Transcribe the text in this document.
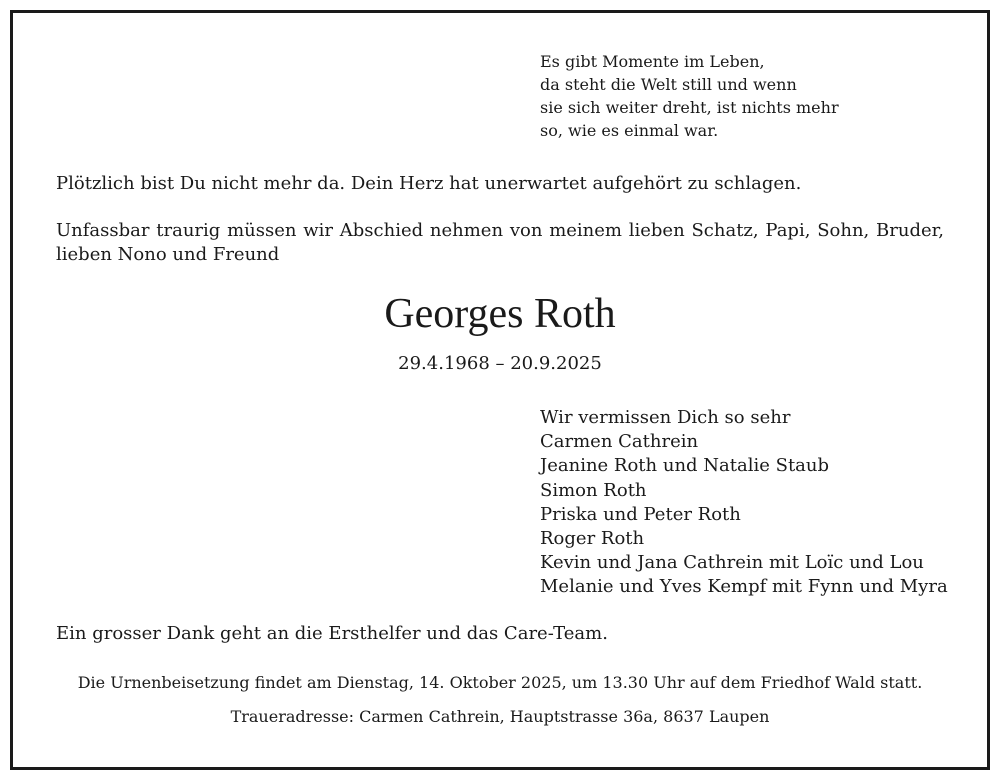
Es gibt Momente im Leben,
da steht die Welt still und wenn
sie sich weiter dreht, ist nichts mehr
so, wie es einmal war.
Plötzlich bist Du nicht mehr da. Dein Herz hat unerwartet aufgehört zu schlagen.
Unfassbar traurig müssen wir Abschied nehmen von meinem lieben Schatz, Papi, Sohn, Bruder, lieben Nono und Freund
Georges Roth
29.4.1968 – 20.9.2025
Wir vermissen Dich so sehr
Carmen Cathrein
Jeanine Roth und Natalie Staub
Simon Roth
Priska und Peter Roth
Roger Roth
Kevin und Jana Cathrein mit Loïc und Lou
Melanie und Yves Kempf mit Fynn und Myra
Ein grosser Dank geht an die Ersthelfer und das Care-Team.
Die Urnenbeisetzung findet am Dienstag, 14. Oktober 2025, um 13.30 Uhr auf dem Friedhof Wald statt.
Traueradresse: Carmen Cathrein, Hauptstrasse 36a, 8637 Laupen
